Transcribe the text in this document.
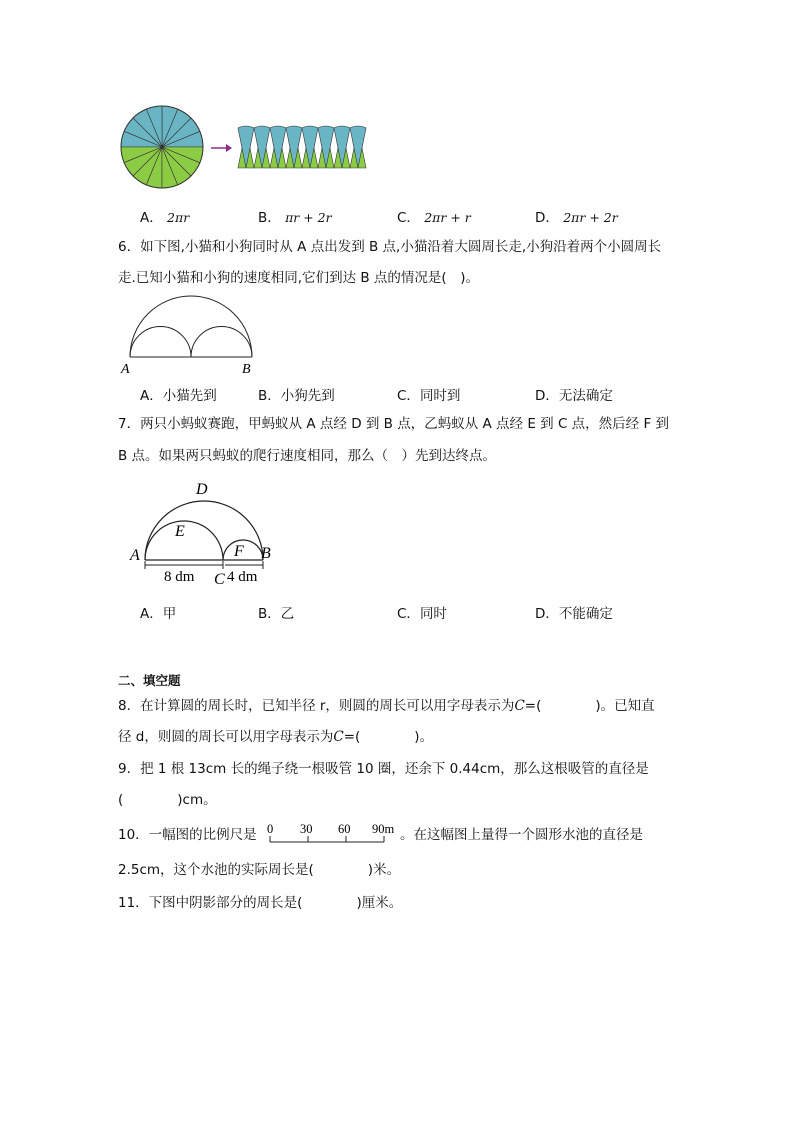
A． 2πr	B． πr + 2r	C． 2πr + r	D． 2πr + 2r
6．如下图,小猫和小狗同时从 A 点出发到 B 点,小猫沿着大圆周长走,小狗沿着两个小圆周长
走.已知小猫和小狗的速度相同,它们到达 B 点的情况是(　)。
A	B
A．小猫先到	B．小狗先到	C．同时到	D．无法确定
7．两只小蚂蚁赛跑，甲蚂蚁从 A 点经 D 到 B 点，乙蚂蚁从 A 点经 E 到 C 点，然后经 F 到
B 点。如果两只蚂蚁的爬行速度相同，那么（　）先到达终点。
D
E
F
A	B
C
8 dm 4 dm
A．甲	B．乙	C．同时	D．不能确定
二、填空题
8．在计算圆的周长时，已知半径 r，则圆的周长可以用字母表示为C=(　　　　)。已知直
径 d，则圆的周长可以用字母表示为C=(　　　　)。
9．把 1 根 13cm 长的绳子绕一根吸管 10 圈，还余下 0.44cm，那么这根吸管的直径是
(　　　　)cm。
10．一幅图的比例尺是 0 30 60 90m 。在这幅图上量得一个圆形水池的直径是
2.5cm，这个水池的实际周长是(　　　　)米。
11．下图中阴影部分的周长是(　　　　)厘米。
